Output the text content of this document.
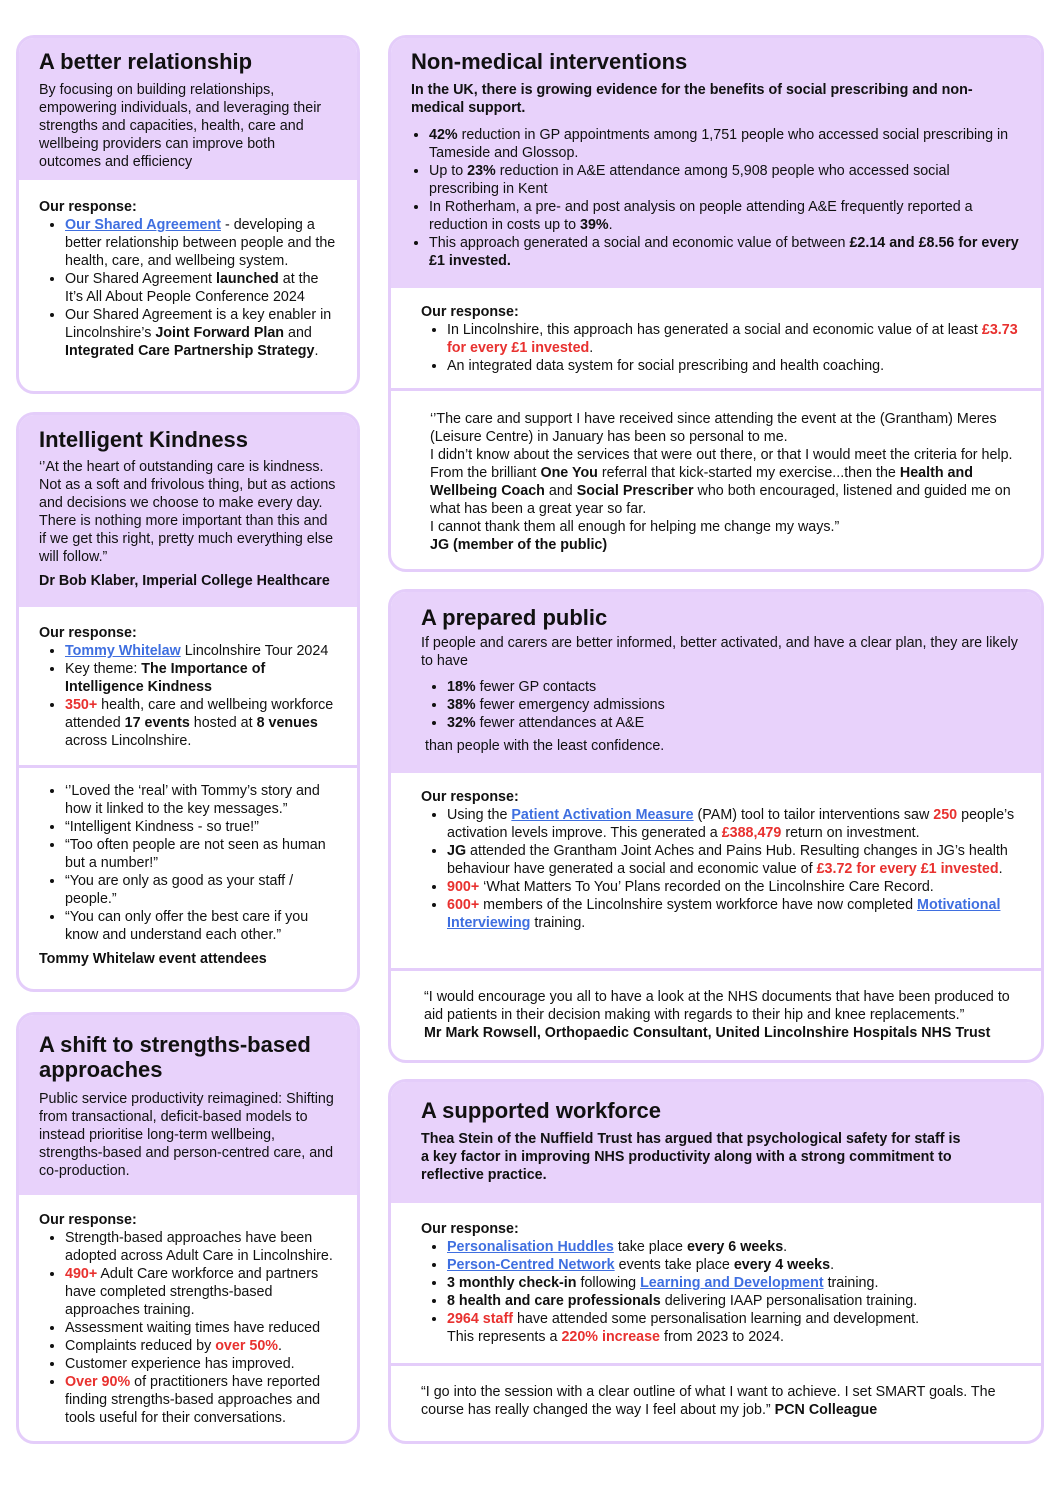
A better relationship

By focusing on building relationships, empowering individuals, and leveraging their strengths and capacities, health, care and wellbeing providers can improve both outcomes and efficiency

Our response:

• Our Shared Agreement - developing a better relationship between people and the health, care, and wellbeing system.
• Our Shared Agreement launched at the It’s All About People Conference 2024
• Our Shared Agreement is a key enabler in Lincolnshire’s Joint Forward Plan and Integrated Care Partnership Strategy.
Intelligent Kindness

‘’At the heart of outstanding care is kindness. Not as a soft and frivolous thing, but as actions and decisions we choose to make every day. There is nothing more important than this and if we get this right, pretty much everything else will follow.”

Dr Bob Klaber, Imperial College Healthcare

Our response:

• Tommy Whitelaw Lincolnshire Tour 2024
• Key theme: The Importance of Intelligence Kindness
• 350+ health, care and wellbeing workforce attended 17 events hosted at 8 venues across Lincolnshire.
• ‘’Loved the ‘real’ with Tommy’s story and how it linked to the key messages.”
• “Intelligent Kindness - so true!”
• “Too often people are not seen as human but a number!”
• “You are only as good as your staff / people.”
• “You can only offer the best care if you know and understand each other.”

Tommy Whitelaw event attendees

A shift to strengths-based approaches

Public service productivity reimagined: Shifting from transactional, deficit-based models to instead prioritise long-term wellbeing, strengths-based and person-centred care, and co-production.

Our response:

• Strength-based approaches have been adopted across Adult Care in Lincolnshire.
• 490+ Adult Care workforce and partners have completed strengths-based approaches training.
• Assessment waiting times have reduced
• Complaints reduced by over 50%.
• Customer experience has improved.
• Over 90% of practitioners have reported finding strengths-based approaches and tools useful for their conversations.
Non-medical interventions

In the UK, there is growing evidence for the benefits of social prescribing and non-medical support.

• 42% reduction in GP appointments among 1,751 people who accessed social prescribing in Tameside and Glossop.
• Up to 23% reduction in A&E attendance among 5,908 people who accessed social prescribing in Kent
• In Rotherham, a pre- and post analysis on people attending A&E frequently reported a reduction in costs up to 39%.
• This approach generated a social and economic value of between £2.14 and £8.56 for every £1 invested.

Our response:

• In Lincolnshire, this approach has generated a social and economic value of at least £3.73 for every £1 invested.
• An integrated data system for social prescribing and health coaching.

‘’The care and support I have received since attending the event at the (Grantham) Meres (Leisure Centre) in January has been so personal to me.

I didn’t know about the services that were out there, or that I would meet the criteria for help.

From the brilliant One You referral that kick-started my exercise...then the Health and Wellbeing Coach and Social Prescriber who both encouraged, listened and guided me on what has been a great year so far.

I cannot thank them all enough for helping me change my ways.”

JG (member of the public)

A prepared public

If people and carers are better informed, better activated, and have a clear plan, they are likely to have

• 18% fewer GP contacts
• 38% fewer emergency admissions
• 32% fewer attendances at A&E

than people with the least confidence.

Our response:

• Using the Patient Activation Measure (PAM) tool to tailor interventions saw 250 people’s activation levels improve. This generated a £388,479 return on investment.
• JG attended the Grantham Joint Aches and Pains Hub. Resulting changes in JG’s health behaviour have generated a social and economic value of £3.72 for every £1 invested.
• 900+ ‘What Matters To You’ Plans recorded on the Lincolnshire Care Record.
• 600+ members of the Lincolnshire system workforce have now completed Motivational Interviewing training.

“I would encourage you all to have a look at the NHS documents that have been produced to aid patients in their decision making with regards to their hip and knee replacements.”

Mr Mark Rowsell, Orthopaedic Consultant, United Lincolnshire Hospitals NHS Trust

A supported workforce

Thea Stein of the Nuffield Trust has argued that psychological safety for staff is a key factor in improving NHS productivity along with a strong commitment to reflective practice.

Our response:

• Personalisation Huddles take place every 6 weeks.
• Person-Centred Network events take place every 4 weeks.
• 3 monthly check-in following Learning and Development training.
• 8 health and care professionals delivering IAAP personalisation training.
• 2964 staff have attended some personalisation learning and development.
This represents a 220% increase from 2023 to 2024.

“I go into the session with a clear outline of what I want to achieve. I set SMART goals. The course has really changed the way I feel about my job.” PCN Colleague
